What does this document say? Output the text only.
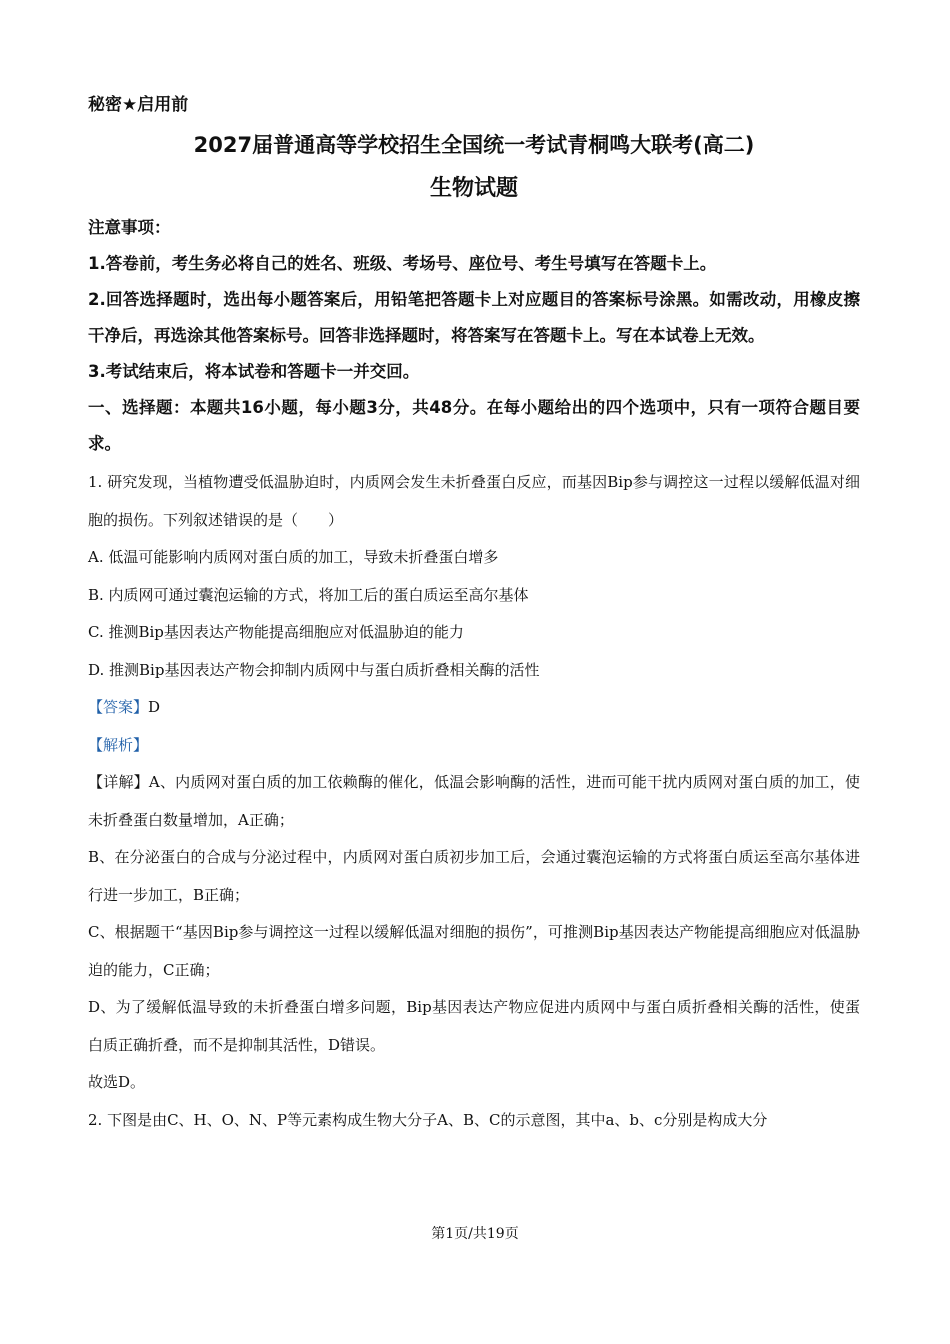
秘密★启用前

2027届普通高等学校招生全国统一考试青桐鸣大联考(高二)

生物试题

注意事项：

1.答卷前，考生务必将自己的姓名、班级、考场号、座位号、考生号填写在答题卡上。

2.回答选择题时，选出每小题答案后，用铅笔把答题卡上对应题目的答案标号涂黑。如需改动，用橡皮擦干净后，再选涂其他答案标号。回答非选择题时，将答案写在答题卡上。写在本试卷上无效。

3.考试结束后，将本试卷和答题卡一并交回。

一、选择题：本题共16小题，每小题3分，共48分。在每小题给出的四个选项中，只有一项符合题目要求。

1. 研究发现，当植物遭受低温胁迫时，内质网会发生未折叠蛋白反应，而基因Bip参与调控这一过程以缓解低温对细胞的损伤。下列叙述错误的是（　　）

A. 低温可能影响内质网对蛋白质的加工，导致未折叠蛋白增多

B. 内质网可通过囊泡运输的方式，将加工后的蛋白质运至高尔基体

C. 推测Bip基因表达产物能提高细胞应对低温胁迫的能力

D. 推测Bip基因表达产物会抑制内质网中与蛋白质折叠相关酶的活性

【答案】D

【解析】

【详解】A、内质网对蛋白质的加工依赖酶的催化，低温会影响酶的活性，进而可能干扰内质网对蛋白质的加工，使未折叠蛋白数量增加，A正确；

B、在分泌蛋白的合成与分泌过程中，内质网对蛋白质初步加工后，会通过囊泡运输的方式将蛋白质运至高尔基体进行进一步加工，B正确；

C、根据题干“基因Bip参与调控这一过程以缓解低温对细胞的损伤”，可推测Bip基因表达产物能提高细胞应对低温胁迫的能力，C正确；

D、为了缓解低温导致的未折叠蛋白增多问题，Bip基因表达产物应促进内质网中与蛋白质折叠相关酶的活性，使蛋白质正确折叠，而不是抑制其活性，D错误。

故选D。

2. 下图是由C、H、O、N、P等元素构成生物大分子A、B、C的示意图，其中a、b、c分别是构成大分

第1页/共19页
